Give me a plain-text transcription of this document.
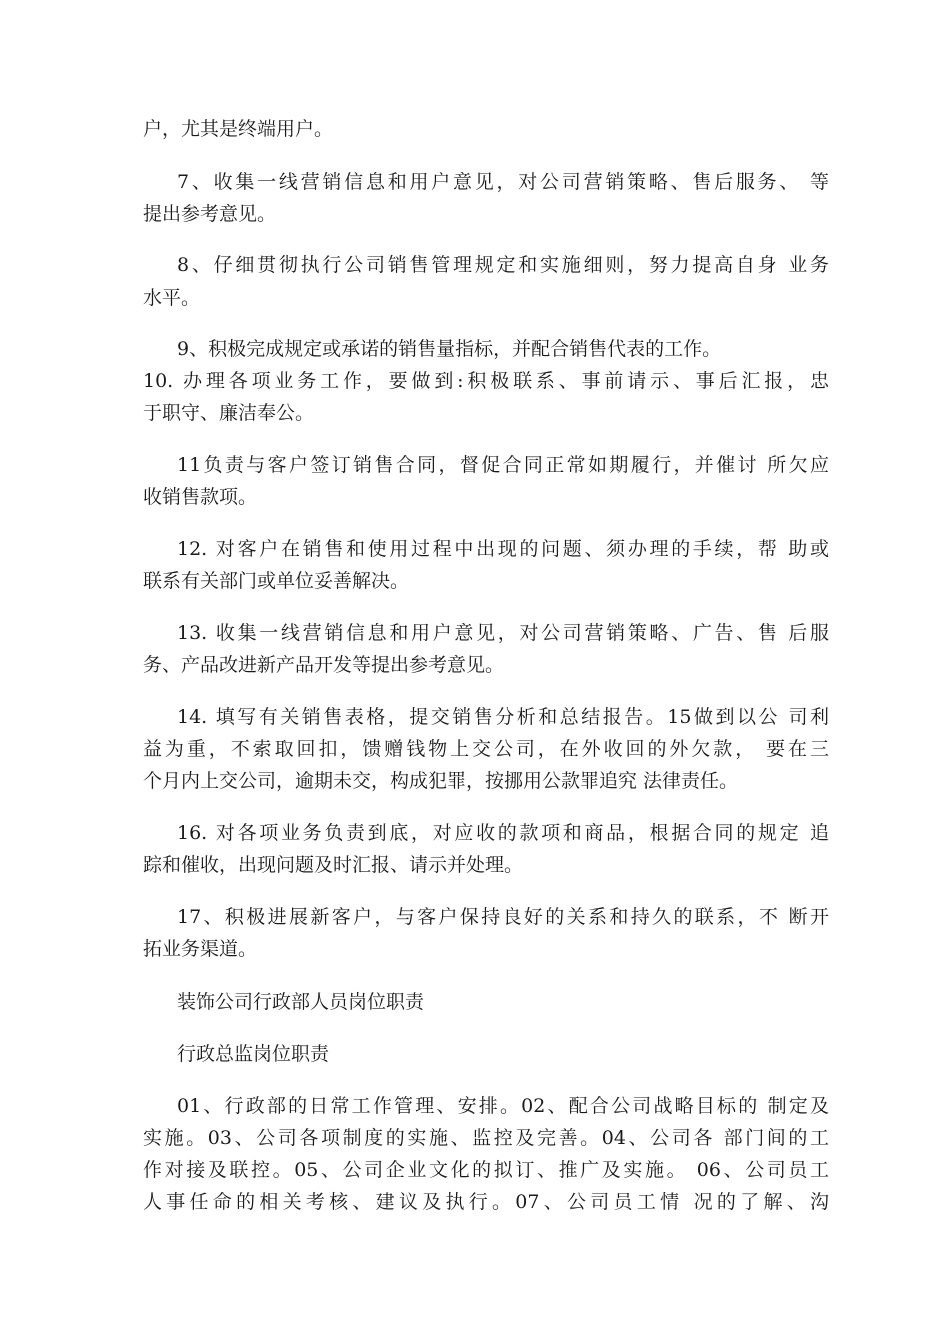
户，尤其是终端用户。
7、收集一线营销信息和用户意见，对公司营销策略、售后服务、 等
提出参考意见。
8、仔细贯彻执行公司销售管理规定和实施细则，努力提高自身 业务
水平。
9、积极完成规定或承诺的销售量指标，并配合销售代表的工作。
10. 办理各项业务工作，要做到:积极联系、事前请示、事后汇报，忠
于职守、廉洁奉公。
11负责与客户签订销售合同，督促合同正常如期履行，并催讨 所欠应
收销售款项。
12. 对客户在销售和使用过程中出现的问题、须办理的手续，帮 助或
联系有关部门或单位妥善解决。
13. 收集一线营销信息和用户意见，对公司营销策略、广告、售 后服
务、产品改进新产品开发等提出参考意见。
14. 填写有关销售表格，提交销售分析和总结报告。15做到以公 司利
益为重，不索取回扣，馈赠钱物上交公司，在外收回的外欠款， 要在三
个月内上交公司，逾期未交，构成犯罪，按挪用公款罪追究 法律责任。
16. 对各项业务负责到底，对应收的款项和商品，根据合同的规定 追
踪和催收，出现问题及时汇报、请示并处理。
17、积极进展新客户，与客户保持良好的关系和持久的联系，不 断开
拓业务渠道。
装饰公司行政部人员岗位职责
行政总监岗位职责
01、行政部的日常工作管理、安排。02、配合公司战略目标的 制定及
实施。03、公司各项制度的实施、监控及完善。04、公司各 部门间的工
作对接及联控。05、公司企业文化的拟订、推广及实施。 06、公司员工
人事任命的相关考核、建议及执行。07、公司员工情 况的了解、沟
